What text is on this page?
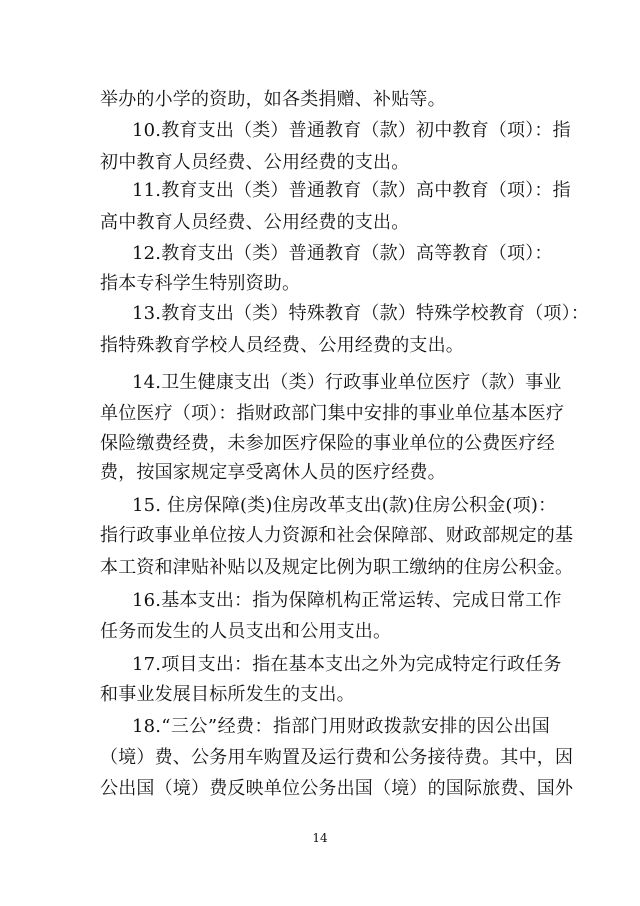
举办的小学的资助，如各类捐赠、补贴等。
10.教育支出（类）普通教育（款）初中教育（项）：指
初中教育人员经费、公用经费的支出。
11.教育支出（类）普通教育（款）高中教育（项）：指
高中教育人员经费、公用经费的支出。
12.教育支出（类）普通教育（款）高等教育（项）：
指本专科学生特别资助。
13.教育支出（类）特殊教育（款）特殊学校教育（项）：
指特殊教育学校人员经费、公用经费的支出。
14.卫生健康支出（类）行政事业单位医疗（款）事业
单位医疗（项）：指财政部门集中安排的事业单位基本医疗
保险缴费经费，未参加医疗保险的事业单位的公费医疗经
费，按国家规定享受离休人员的医疗经费。
15. 住房保障(类)住房改革支出(款)住房公积金(项)：
指行政事业单位按人力资源和社会保障部、财政部规定的基
本工资和津贴补贴以及规定比例为职工缴纳的住房公积金。
16.基本支出：指为保障机构正常运转、完成日常工作
任务而发生的人员支出和公用支出。
17.项目支出：指在基本支出之外为完成特定行政任务
和事业发展目标所发生的支出。
18.“三公”经费：指部门用财政拨款安排的因公出国
（境）费、公务用车购置及运行费和公务接待费。其中，因
公出国（境）费反映单位公务出国（境）的国际旅费、国外
14
